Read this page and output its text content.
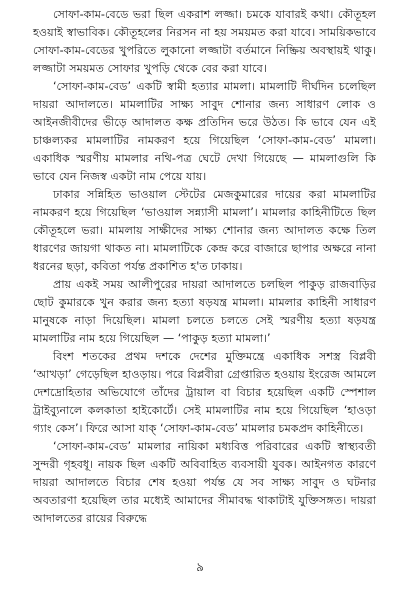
সোফা-কাম-বেডে ভরা ছিল একরাশ লজ্জা। চমকে যাবারই কথা। কৌতূহল হওয়াই স্বাভাবিক। কৌতূহলের নিরসন না হয় সময়মত করা যাবে। সাময়িকভাবে সোফা-কাম-বেডের খুপরিতে লুকানো লজ্জাটা বর্তমানে নিষ্ক্রিয় অবস্থায়ই থাকু। লজ্জাটা সময়মত সোফার খুপড়ি থেকে বের করা যাবে।

‘সোফা-কাম-বেড’ একটি স্বামী হত্যার মামলা। মামলাটি দীর্ঘদিন চলেছিল দায়রা আদালতে। মামলাটির সাক্ষ্য সাবুদ শোনার জন্য সাধারণ লোক ও আইনজীবীদের ভীড়ে আদালত কক্ষ প্রতিদিন ভরে উঠত। কি ভাবে যেন এই চাঞ্চল্যকর মামলাটির নামকরণ হয়ে গিয়েছিল ‘সোফা-কাম-বেড’ মামলা। একাধিক স্মরণীয় মামলার নথি-পত্র ঘেটে দেখা গিয়েছে — মামলাগুলি কি ভাবে যেন নিজস্ব একটা নাম পেয়ে যায়।

ঢাকার সন্নিহিত ভাওয়াল স্টেটের মেজকুমারের দায়ের করা মামলাটির নামকরণ হয়ে গিয়েছিল ‘ভাওয়াল সন্ন্যাসী মামলা’। মামলার কাহিনীটিতে ছিল কৌতূহলে ভরা। মামলায় সাক্ষীদের সাক্ষ্য শোনার জন্য আদালত কক্ষে তিল ধারণের জায়গা থাকত না। মামলাটিকে কেন্দ্র করে বাজারে ছাপার অক্ষরে নানা ধরনের ছড়া, কবিতা পর্যন্ত প্রকাশিত হ'ত ঢাকায়।

প্রায় একই সময় আলীপুরের দায়রা আদালতে চলছিল পাকুড় রাজবাড়ির ছোট কুমারকে খুন করার জন্য হত্যা ষড়যন্ত্র মামলা। মামলার কাহিনী সাধারণ মানুষকে নাড়া দিয়েছিল। মামলা চলতে চলতে সেই স্মরণীয় হত্যা ষড়যন্ত্র মামলাটির নাম হয়ে গিয়েছিল — ‘পাকুড় হত্যা মামলা।’

বিংশ শতকের প্রথম দশকে দেশের মুক্তিমন্ত্রে একাধিক সশস্ত্র বিপ্লবী ‘আখড়া’ গেড়েছিল হাওড়ায়। পরে বিপ্লবীরা গ্রেপ্তারিত হওয়ায় ইংরেজ আমলে দেশদ্রোহিতার অভিযোগে তাঁদের ট্রায়াল বা বিচার হয়েছিল একটি স্পেশাল ট্রাইব্যুনালে কলকাতা হাইকোর্টে। সেই মামলাটির নাম হয়ে গিয়েছিল ‘হাওড়া গ্যাং কেস’। ফিরে আসা যাক্ ‘সোফা-কাম-বেড’ মামলার চমকপ্রদ কাহিনীতে।

‘সোফা-কাম-বেড’ মামলার নায়িকা মধ্যবিত্ত পরিবারের একটি স্বাস্থ্যবতী সুন্দরী গৃহবধূ। নায়ক ছিল একটি অবিবাহিত ব্যবসায়ী যুবক। আইনগত কারণে দায়রা আদালতে বিচার শেষ হওয়া পর্যন্ত যে সব সাক্ষ্য সাবুদ ও ঘটনার অবতারণা হয়েছিল তার মধ্যেই আমাদের সীমাবদ্ধ থাকাটাই যুক্তিসঙ্গত। দায়রা আদালতের রায়ের বিরুদ্ধে

৯
